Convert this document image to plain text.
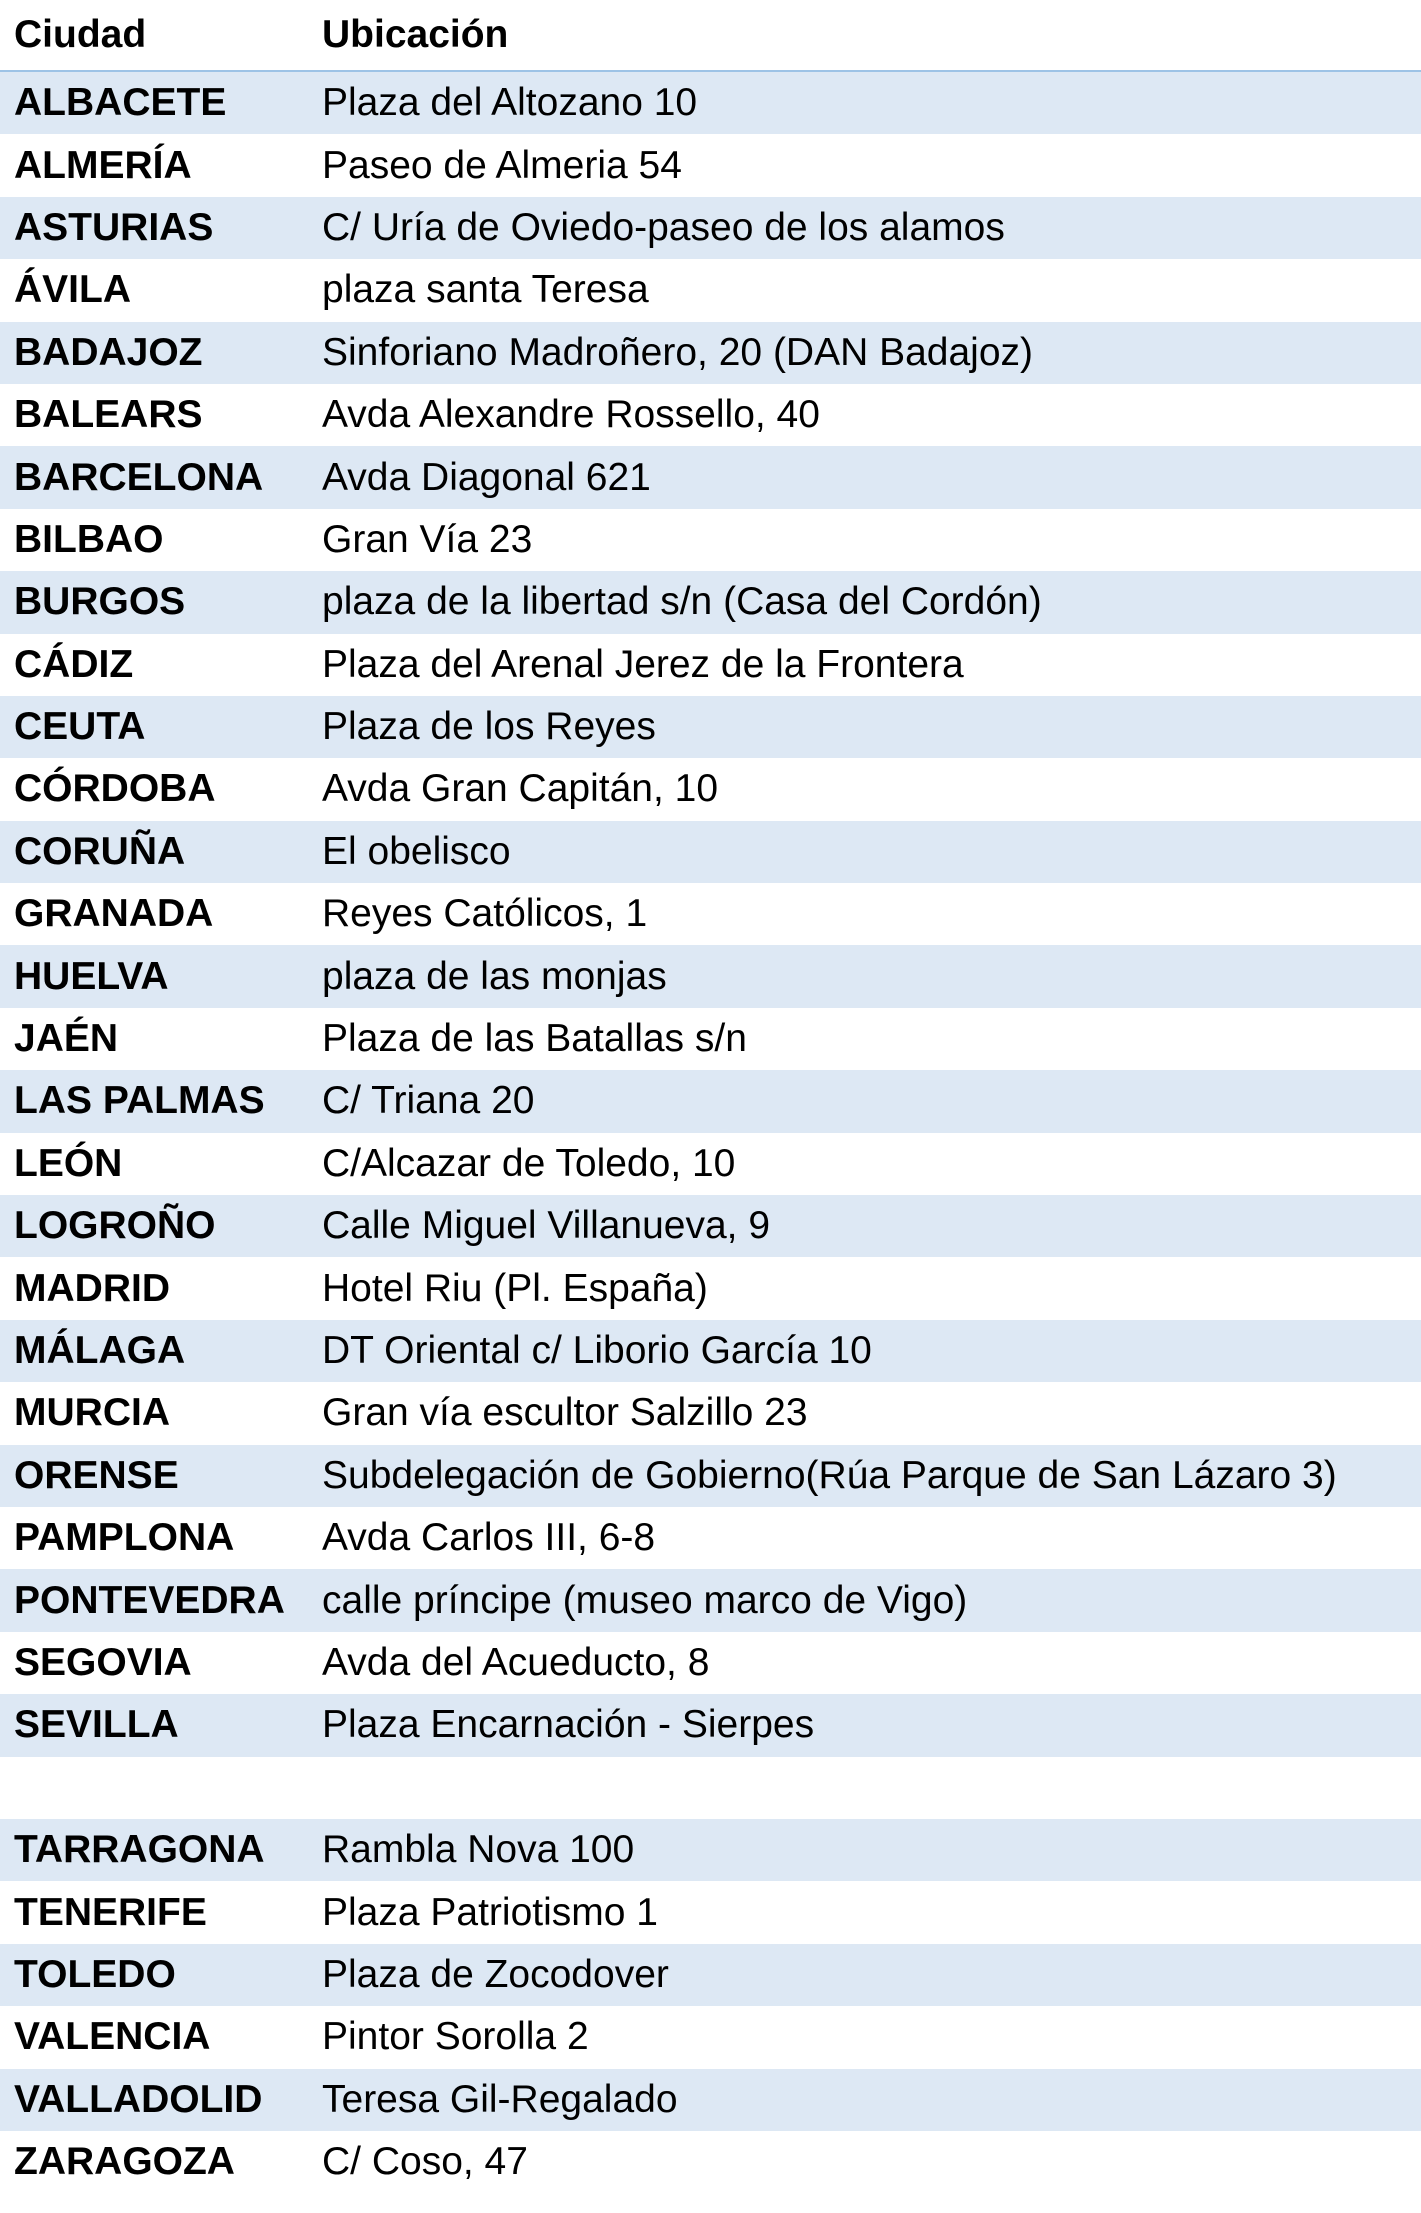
Ciudad	Ubicación
ALBACETE	Plaza del Altozano 10
ALMERÍA	Paseo de Almeria 54
ASTURIAS	C/ Uría de Oviedo-paseo de los alamos
ÁVILA	plaza santa Teresa
BADAJOZ	Sinforiano Madroñero, 20 (DAN Badajoz)
BALEARS	Avda Alexandre Rossello, 40
BARCELONA	Avda Diagonal 621
BILBAO	Gran Vía 23
BURGOS	plaza de la libertad s/n (Casa del Cordón)
CÁDIZ	Plaza del Arenal Jerez de la Frontera
CEUTA	Plaza de los Reyes
CÓRDOBA	Avda Gran Capitán, 10
CORUÑA	El obelisco
GRANADA	Reyes Católicos, 1
HUELVA	plaza de las monjas
JAÉN	Plaza de las Batallas s/n
LAS PALMAS	C/ Triana 20
LEÓN	C/Alcazar de Toledo, 10
LOGROÑO	Calle Miguel Villanueva, 9
MADRID	Hotel Riu (Pl. España)
MÁLAGA	DT Oriental c/ Liborio García 10
MURCIA	Gran vía escultor Salzillo 23
ORENSE	Subdelegación de Gobierno(Rúa Parque de San Lázaro 3)
PAMPLONA	Avda Carlos III, 6-8
PONTEVEDRA calle príncipe (museo marco de Vigo)
SEGOVIA	Avda del Acueducto, 8
SEVILLA	Plaza Encarnación - Sierpes
TARRAGONA	Rambla Nova 100
TENERIFE	Plaza Patriotismo 1
TOLEDO	Plaza de Zocodover
VALENCIA	Pintor Sorolla 2
VALLADOLID	Teresa Gil-Regalado
ZARAGOZA	C/ Coso, 47
